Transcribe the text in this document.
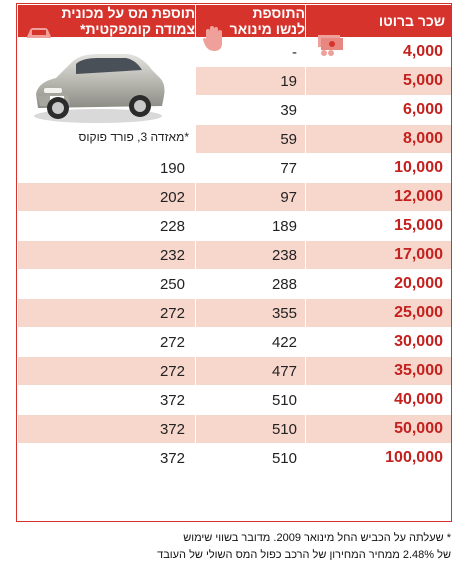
תוספת מס על מכונית צמודה קומפקטית*	התוספת לנשו מינואר	שכר ברוטו

*מאזדה 3, פורד פוקוס	-	4,000
	19	5,000
	39	6,000
	59	8,000
190	77	10,000
202	97	12,000
228	189	15,000
232	238	17,000
250	288	20,000
272	355	25,000
272	422	30,000
272	477	35,000
372	510	40,000
372	510	50,000
372	510	100,000
* שעלתה על הכביש החל מינואר 2009. מדובר בשווי שימוש
של 2.48% ממחיר המחירון של הרכב כפול המס השולי של העובד
